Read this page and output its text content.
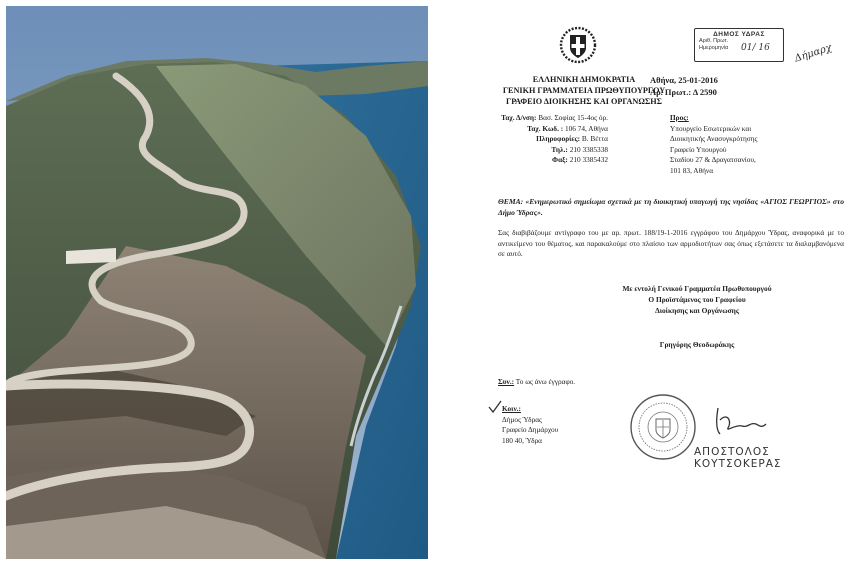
ΕΛΛΗΝΙΚΗ ΔΗΜΟΚΡΑΤΙΑ
ΓΕΝΙΚΗ ΓΡΑΜΜΑΤΕΙΑ ΠΡΩΘΥΠΟΥΡΓΟΥ
ΓΡΑΦΕΙΟ ΔΙΟΙΚΗΣΗΣ ΚΑΙ ΟΡΓΑΝΩΣΗΣ
Αθήνα, 25-01-2016
Αρ. Πρωτ.: Δ 2590
ΔΗΜΟΣ ΥΔΡΑΣ
Αριθ. Πρωτ.
Ημερομηνία	01/ 16 Δήμαρχ
Ταχ. Δ/νση: Βασ. Σοφίας 15-4ος όρ.
Ταχ. Κωδ. : 106 74, Αθήνα
Πληροφορίες: Β. Βέττα
Τηλ.: 210 3385338
Φαξ: 210 3385432
Προς:
Υπουργείο Εσωτερικών και
Διοικητικής Ανασυγκρότησης
Γραφείο Υπουργού
Σταδίου 27 & Δραγατσανίου,
101 83, Αθήνα
ΘΕΜΑ: «Ενημερωτικό σημείωμα σχετικά με τη διοικητική υπαγωγή της νησίδας «ΑΓΙΟΣ ΓΕΩΡΓΙΟΣ» στο Δήμο Ύδρας».
Σας διαβιβάζουμε αντίγραφο του με αρ. πρωτ. 188/19-1-2016 εγγράφου του Δημάρχου Ύδρας, αναφορικά με το αντικείμενο του θέματος, και παρακαλούμε στο πλαίσιο των αρμοδιοτήτων σας όπως εξετάσετε τα διαλαμβανόμενα σε αυτό.
Με εντολή Γενικού Γραμματέα Πρωθυπουργού
Ο Προϊστάμενος του Γραφείου
Διοίκησης και Οργάνωσης
Γρηγόρης Θεοδωράκης
Συν.: Το ως άνω έγγραφο.
Κοιν.:
Δήμος Ύδρας
Γραφείο Δημάρχου
180 40, Ύδρα
ΑΠΟΣΤΟΛΟΣ ΚΟΥΤΣΟΚΕΡΑΣ
